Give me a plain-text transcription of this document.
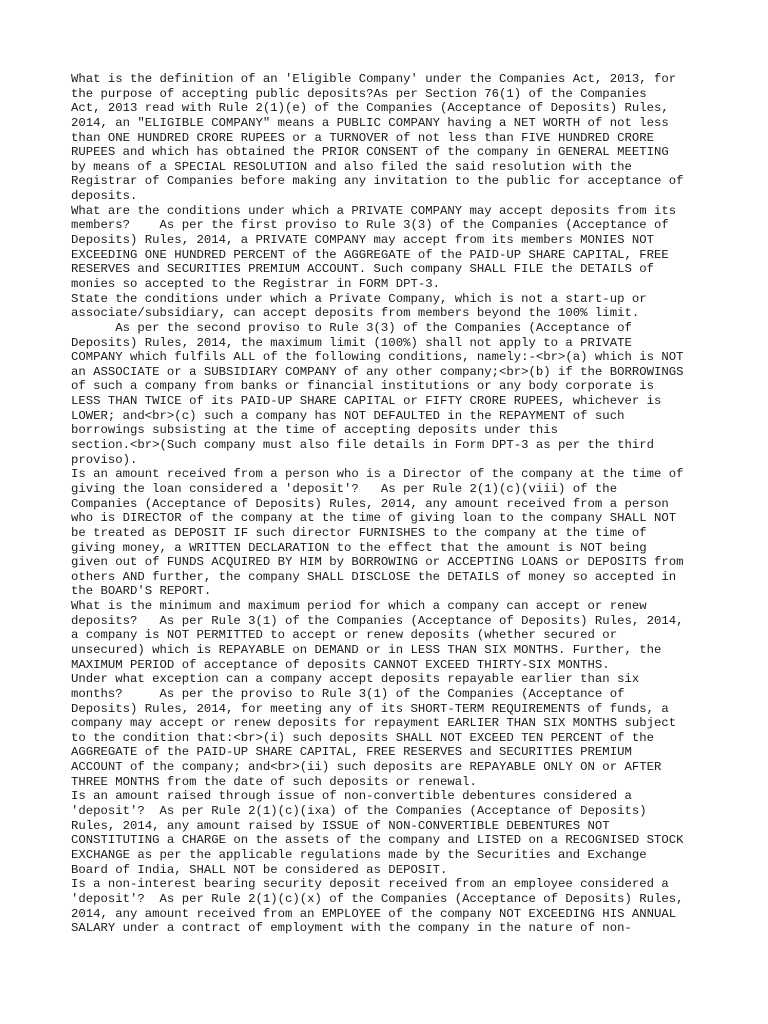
What is the definition of an 'Eligible Company' under the Companies Act, 2013, for
the purpose of accepting public deposits?As per Section 76(1) of the Companies
Act, 2013 read with Rule 2(1)(e) of the Companies (Acceptance of Deposits) Rules,
2014, an "ELIGIBLE COMPANY" means a PUBLIC COMPANY having a NET WORTH of not less
than ONE HUNDRED CRORE RUPEES or a TURNOVER of not less than FIVE HUNDRED CRORE
RUPEES and which has obtained the PRIOR CONSENT of the company in GENERAL MEETING
by means of a SPECIAL RESOLUTION and also filed the said resolution with the
Registrar of Companies before making any invitation to the public for acceptance of
deposits.
What are the conditions under which a PRIVATE COMPANY may accept deposits from its
members?    As per the first proviso to Rule 3(3) of the Companies (Acceptance of
Deposits) Rules, 2014, a PRIVATE COMPANY may accept from its members MONIES NOT
EXCEEDING ONE HUNDRED PERCENT of the AGGREGATE of the PAID-UP SHARE CAPITAL, FREE
RESERVES and SECURITIES PREMIUM ACCOUNT. Such company SHALL FILE the DETAILS of
monies so accepted to the Registrar in FORM DPT-3.
State the conditions under which a Private Company, which is not a start-up or
associate/subsidiary, can accept deposits from members beyond the 100% limit.
As per the second proviso to Rule 3(3) of the Companies (Acceptance of
Deposits) Rules, 2014, the maximum limit (100%) shall not apply to a PRIVATE
COMPANY which fulfils ALL of the following conditions, namely:-<br>(a) which is NOT
an ASSOCIATE or a SUBSIDIARY COMPANY of any other company;<br>(b) if the BORROWINGS
of such a company from banks or financial institutions or any body corporate is
LESS THAN TWICE of its PAID-UP SHARE CAPITAL or FIFTY CRORE RUPEES, whichever is
LOWER; and<br>(c) such a company has NOT DEFAULTED in the REPAYMENT of such
borrowings subsisting at the time of accepting deposits under this
section.<br>(Such company must also file details in Form DPT-3 as per the third
proviso).
Is an amount received from a person who is a Director of the company at the time of
giving the loan considered a 'deposit'?   As per Rule 2(1)(c)(viii) of the
Companies (Acceptance of Deposits) Rules, 2014, any amount received from a person
who is DIRECTOR of the company at the time of giving loan to the company SHALL NOT
be treated as DEPOSIT IF such director FURNISHES to the company at the time of
giving money, a WRITTEN DECLARATION to the effect that the amount is NOT being
given out of FUNDS ACQUIRED BY HIM by BORROWING or ACCEPTING LOANS or DEPOSITS from
others AND further, the company SHALL DISCLOSE the DETAILS of money so accepted in
the BOARD'S REPORT.
What is the minimum and maximum period for which a company can accept or renew
deposits?   As per Rule 3(1) of the Companies (Acceptance of Deposits) Rules, 2014,
a company is NOT PERMITTED to accept or renew deposits (whether secured or
unsecured) which is REPAYABLE on DEMAND or in LESS THAN SIX MONTHS. Further, the
MAXIMUM PERIOD of acceptance of deposits CANNOT EXCEED THIRTY-SIX MONTHS.
Under what exception can a company accept deposits repayable earlier than six
months?     As per the proviso to Rule 3(1) of the Companies (Acceptance of
Deposits) Rules, 2014, for meeting any of its SHORT-TERM REQUIREMENTS of funds, a
company may accept or renew deposits for repayment EARLIER THAN SIX MONTHS subject
to the condition that:<br>(i) such deposits SHALL NOT EXCEED TEN PERCENT of the
AGGREGATE of the PAID-UP SHARE CAPITAL, FREE RESERVES and SECURITIES PREMIUM
ACCOUNT of the company; and<br>(ii) such deposits are REPAYABLE ONLY ON or AFTER
THREE MONTHS from the date of such deposits or renewal.
Is an amount raised through issue of non-convertible debentures considered a
'deposit'?  As per Rule 2(1)(c)(ixa) of the Companies (Acceptance of Deposits)
Rules, 2014, any amount raised by ISSUE of NON-CONVERTIBLE DEBENTURES NOT
CONSTITUTING a CHARGE on the assets of the company and LISTED on a RECOGNISED STOCK
EXCHANGE as per the applicable regulations made by the Securities and Exchange
Board of India, SHALL NOT be considered as DEPOSIT.
Is a non-interest bearing security deposit received from an employee considered a
'deposit'?  As per Rule 2(1)(c)(x) of the Companies (Acceptance of Deposits) Rules,
2014, any amount received from an EMPLOYEE of the company NOT EXCEEDING HIS ANNUAL
SALARY under a contract of employment with the company in the nature of non-
